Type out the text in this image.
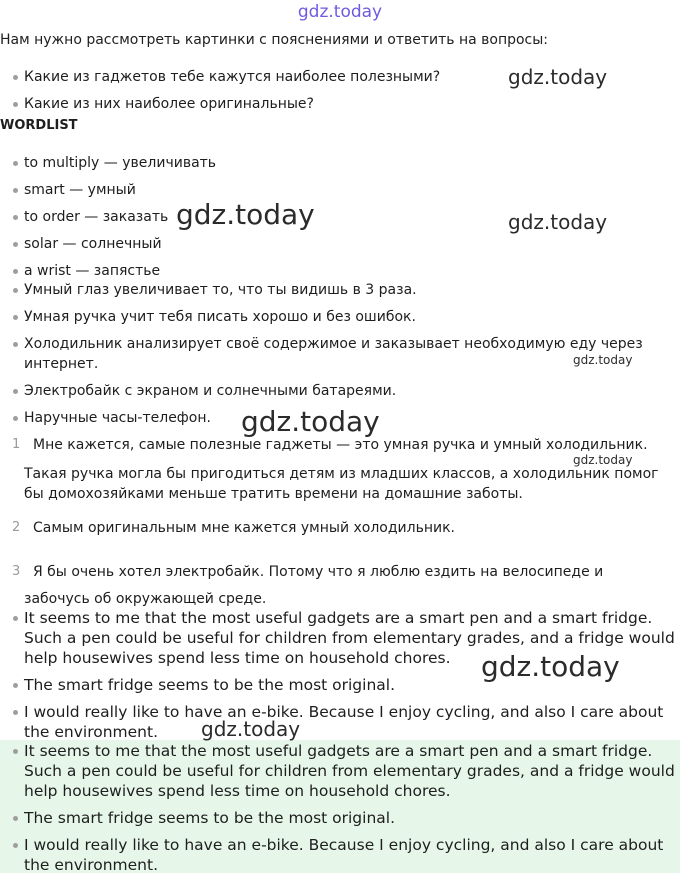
gdz.today
Нам нужно рассмотреть картинки с пояснениями и ответить на вопросы:
Какие из гаджетов тебе кажутся наиболее полезными?
Какие из них наиболее оригинальные?
WORDLIST
to multiply — увеличивать
smart — умный
to order — заказать
solar — солнечный
a wrist — запястье
Умный глаз увеличивает то, что ты видишь в 3 раза.
Умная ручка учит тебя писать хорошо и без ошибок.
Холодильник анализирует своё содержимое и заказывает необходимую еду через интернет.
Электробайк с экраном и солнечными батареями.
Наручные часы-телефон.
1 Мне кажется, самые полезные гаджеты — это умная ручка и умный холодильник.
Такая ручка могла бы пригодиться детям из младших классов, а холодильник помог бы домохозяйками меньше тратить времени на домашние заботы.
2 Самым оригинальным мне кажется умный холодильник.
3 Я бы очень хотел электробайк. Потому что я люблю ездить на велосипеде и
забочусь об окружающей среде.
It seems to me that the most useful gadgets are a smart pen and a smart fridge. Such a pen could be useful for children from elementary grades, and a fridge would help housewives spend less time on household chores.
The smart fridge seems to be the most original.
I would really like to have an e-bike. Because I enjoy cycling, and also I care about the environment.
It seems to me that the most useful gadgets are a smart pen and a smart fridge. Such a pen could be useful for children from elementary grades, and a fridge would help housewives spend less time on household chores.
The smart fridge seems to be the most original.
I would really like to have an e-bike. Because I enjoy cycling, and also I care about the environment.
gdz.today
gdz.today	gdz.today
gdz.today
gdz.today
gdz.today
gdz.today
gdz.today
